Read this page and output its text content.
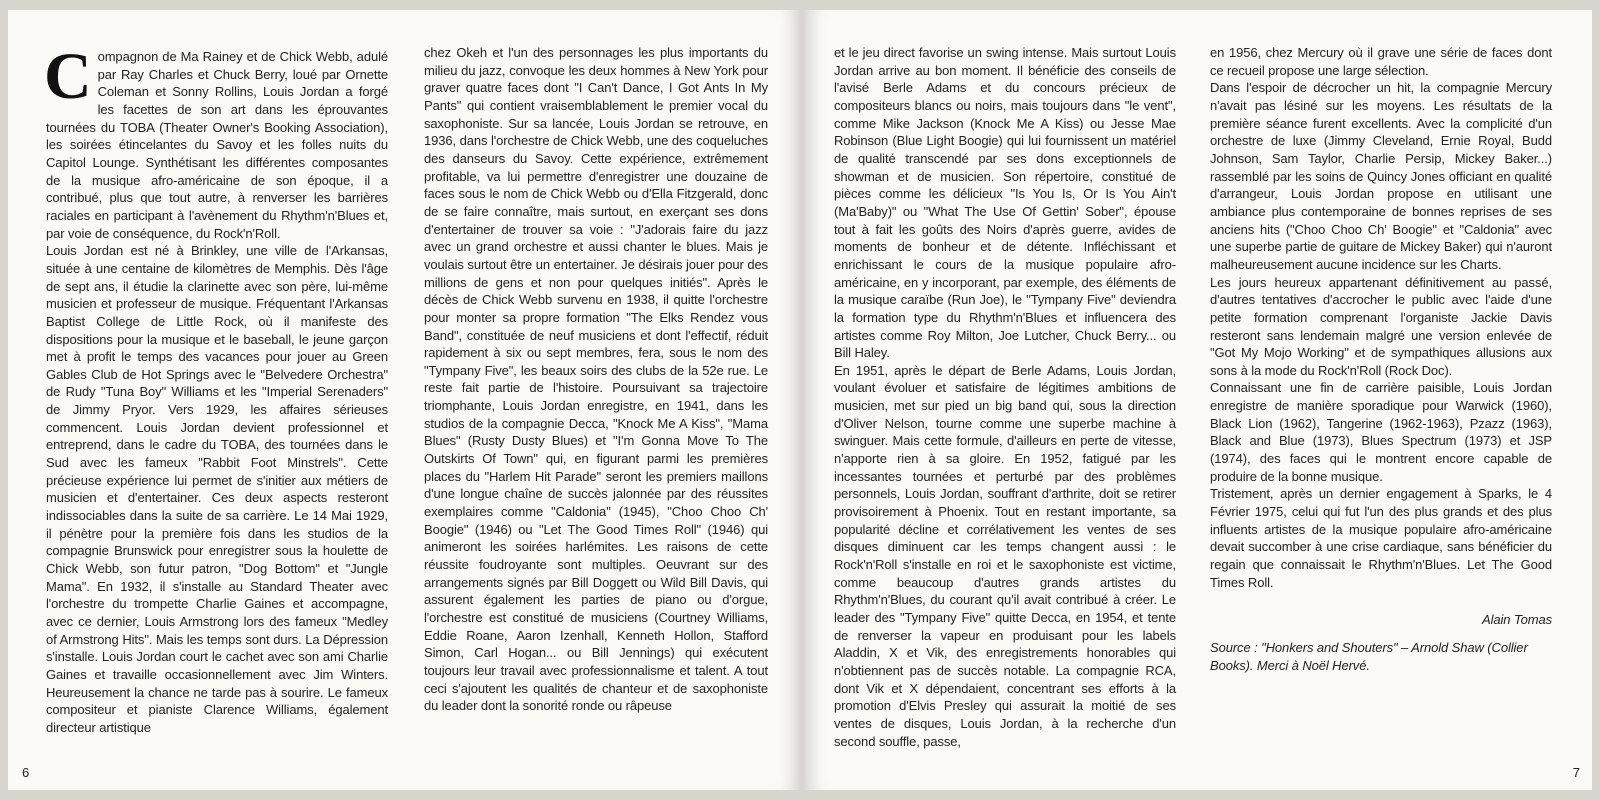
Compagnon de Ma Rainey et de Chick Webb, adulé par Ray Charles et Chuck Berry, loué par Ornette Coleman et Sonny Rollins, Louis Jordan a forgé les facettes de son art dans les éprouvantes tournées du TOBA (Theater Owner's Booking Association), les soirées étincelantes du Savoy et les folles nuits du Capitol Lounge. Synthétisant les différentes composantes de la musique afro-américaine de son époque, il a contribué, plus que tout autre, à renverser les barrières raciales en participant à l'avènement du Rhythm'n'Blues et, par voie de conséquence, du Rock'n'Roll.

Louis Jordan est né à Brinkley, une ville de l'Arkansas, située à une centaine de kilomètres de Memphis. Dès l'âge de sept ans, il étudie la clarinette avec son père, lui-même musicien et professeur de musique. Fréquentant l'Arkansas Baptist College de Little Rock, où il manifeste des dispositions pour la musique et le baseball, le jeune garçon met à profit le temps des vacances pour jouer au Green Gables Club de Hot Springs avec le "Belvedere Orchestra" de Rudy "Tuna Boy" Williams et les "Imperial Serenaders" de Jimmy Pryor. Vers 1929, les affaires sérieuses commencent. Louis Jordan devient professionnel et entreprend, dans le cadre du TOBA, des tournées dans le Sud avec les fameux "Rabbit Foot Minstrels". Cette précieuse expérience lui permet de s'initier aux métiers de musicien et d'entertainer. Ces deux aspects resteront indissociables dans la suite de sa carrière. Le 14 Mai 1929, il pénètre pour la première fois dans les studios de la compagnie Brunswick pour enregistrer sous la houlette de Chick Webb, son futur patron, "Dog Bottom" et "Jungle Mama". En 1932, il s'installe au Standard Theater avec l'orchestre du trompette Charlie Gaines et accompagne, avec ce dernier, Louis Armstrong lors des fameux "Medley of Armstrong Hits". Mais les temps sont durs. La Dépression s'installe. Louis Jordan court le cachet avec son ami Charlie Gaines et travaille occasionnellement avec Jim Winters. Heureusement la chance ne tarde pas à sourire. Le fameux compositeur et pianiste Clarence Williams, également directeur artistique

chez Okeh et l'un des personnages les plus importants du milieu du jazz, convoque les deux hommes à New York pour graver quatre faces dont "I Can't Dance, I Got Ants In My Pants" qui contient vraisemblablement le premier vocal du saxophoniste. Sur sa lancée, Louis Jordan se retrouve, en 1936, dans l'orchestre de Chick Webb, une des coqueluches des danseurs du Savoy. Cette expérience, extrêmement profitable, va lui permettre d'enregistrer une douzaine de faces sous le nom de Chick Webb ou d'Ella Fitzgerald, donc de se faire connaître, mais surtout, en exerçant ses dons d'entertainer de trouver sa voie : "J'adorais faire du jazz avec un grand orchestre et aussi chanter le blues. Mais je voulais surtout être un entertainer. Je désirais jouer pour des millions de gens et non pour quelques initiés". Après le décès de Chick Webb survenu en 1938, il quitte l'orchestre pour monter sa propre formation "The Elks Rendez vous Band", constituée de neuf musiciens et dont l'effectif, réduit rapidement à six ou sept membres, fera, sous le nom des "Tympany Five", les beaux soirs des clubs de la 52e rue. Le reste fait partie de l'histoire. Poursuivant sa trajectoire triomphante, Louis Jordan enregistre, en 1941, dans les studios de la compagnie Decca, "Knock Me A Kiss", "Mama Blues" (Rusty Dusty Blues) et "I'm Gonna Move To The Outskirts Of Town" qui, en figurant parmi les premières places du "Harlem Hit Parade" seront les premiers maillons d'une longue chaîne de succès jalonnée par des réussites exemplaires comme "Caldonia" (1945), "Choo Choo Ch' Boogie" (1946) ou "Let The Good Times Roll" (1946) qui animeront les soirées harlémites. Les raisons de cette réussite foudroyante sont multiples. Oeuvrant sur des arrangements signés par Bill Doggett ou Wild Bill Davis, qui assurent également les parties de piano ou d'orgue, l'orchestre est constitué de musiciens (Courtney Williams, Eddie Roane, Aaron Izenhall, Kenneth Hollon, Stafford Simon, Carl Hogan... ou Bill Jennings) qui exécutent toujours leur travail avec professionnalisme et talent. A tout ceci s'ajoutent les qualités de chanteur et de saxophoniste du leader dont la sonorité ronde ou râpeuse

6

et le jeu direct favorise un swing intense. Mais surtout Louis Jordan arrive au bon moment. Il bénéficie des conseils de l'avisé Berle Adams et du concours précieux de compositeurs blancs ou noirs, mais toujours dans "le vent", comme Mike Jackson (Knock Me A Kiss) ou Jesse Mae Robinson (Blue Light Boogie) qui lui fournissent un matériel de qualité transcendé par ses dons exceptionnels de showman et de musicien. Son répertoire, constitué de pièces comme les délicieux "Is You Is, Or Is You Ain't (Ma'Baby)" ou "What The Use Of Gettin' Sober", épouse tout à fait les goûts des Noirs d'après guerre, avides de moments de bonheur et de détente. Infléchissant et enrichissant le cours de la musique populaire afro-américaine, en y incorporant, par exemple, des éléments de la musique caraïbe (Run Joe), le "Tympany Five" deviendra la formation type du Rhythm'n'Blues et influencera des artistes comme Roy Milton, Joe Lutcher, Chuck Berry... ou Bill Haley.

En 1951, après le départ de Berle Adams, Louis Jordan, voulant évoluer et satisfaire de légitimes ambitions de musicien, met sur pied un big band qui, sous la direction d'Oliver Nelson, tourne comme une superbe machine à swinguer. Mais cette formule, d'ailleurs en perte de vitesse, n'apporte rien à sa gloire. En 1952, fatigué par les incessantes tournées et perturbé par des problèmes personnels, Louis Jordan, souffrant d'arthrite, doit se retirer provisoirement à Phoenix. Tout en restant importante, sa popularité décline et corrélativement les ventes de ses disques diminuent car les temps changent aussi : le Rock'n'Roll s'installe en roi et le saxophoniste est victime, comme beaucoup d'autres grands artistes du Rhythm'n'Blues, du courant qu'il avait contribué à créer. Le leader des "Tympany Five" quitte Decca, en 1954, et tente de renverser la vapeur en produisant pour les labels Aladdin, X et Vik, des enregistrements honorables qui n'obtiennent pas de succès notable. La compagnie RCA, dont Vik et X dépendaient, concentrant ses efforts à la promotion d'Elvis Presley qui assurait la moitié de ses ventes de disques, Louis Jordan, à la recherche d'un second souffle, passe,

en 1956, chez Mercury où il grave une série de faces dont ce recueil propose une large sélection.

Dans l'espoir de décrocher un hit, la compagnie Mercury n'avait pas lésiné sur les moyens. Les résultats de la première séance furent excellents. Avec la complicité d'un orchestre de luxe (Jimmy Cleveland, Ernie Royal, Budd Johnson, Sam Taylor, Charlie Persip, Mickey Baker...) rassemblé par les soins de Quincy Jones officiant en qualité d'arrangeur, Louis Jordan propose en utilisant une ambiance plus contemporaine de bonnes reprises de ses anciens hits ("Choo Choo Ch' Boogie" et "Caldonia" avec une superbe partie de guitare de Mickey Baker) qui n'auront malheureusement aucune incidence sur les Charts.

Les jours heureux appartenant définitivement au passé, d'autres tentatives d'accrocher le public avec l'aide d'une petite formation comprenant l'organiste Jackie Davis resteront sans lendemain malgré une version enlevée de "Got My Mojo Working" et de sympathiques allusions aux sons à la mode du Rock'n'Roll (Rock Doc).

Connaissant une fin de carrière paisible, Louis Jordan enregistre de manière sporadique pour Warwick (1960), Black Lion (1962), Tangerine (1962-1963), Pzazz (1963), Black and Blue (1973), Blues Spectrum (1973) et JSP (1974), des faces qui le montrent encore capable de produire de la bonne musique.

Tristement, après un dernier engagement à Sparks, le 4 Février 1975, celui qui fut l'un des plus grands et des plus influents artistes de la musique populaire afro-américaine devait succomber à une crise cardiaque, sans bénéficier du regain que connaissait le Rhythm'n'Blues. Let The Good Times Roll.

Alain Tomas

Source : "Honkers and Shouters" – Arnold Shaw (Collier Books). Merci à Noël Hervé.

7
